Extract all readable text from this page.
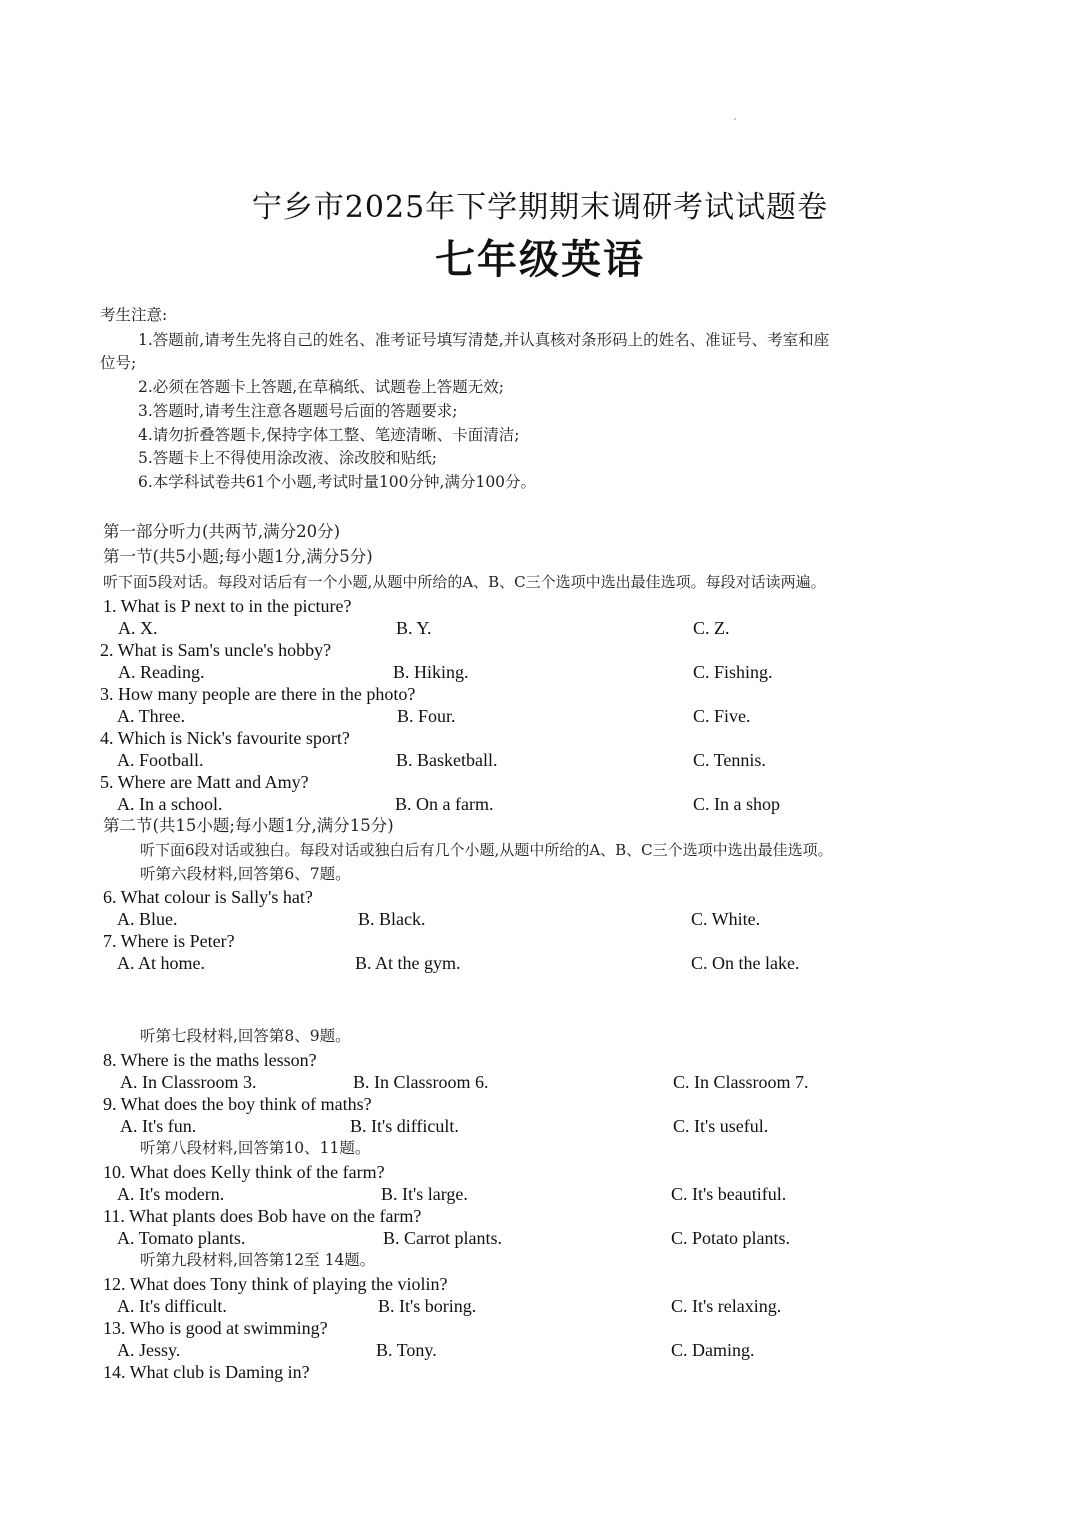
宁乡市2025年下学期期末调研考试试题卷
七年级英语
考生注意:
1.答题前,请考生先将自己的姓名、准考证号填写清楚,并认真核对条形码上的姓名、准证号、考室和座
位号;
2.必须在答题卡上答题,在草稿纸、试题卷上答题无效;
3.答题时,请考生注意各题题号后面的答题要求;
4.请勿折叠答题卡,保持字体工整、笔迹清晰、卡面清洁;
5.答题卡上不得使用涂改液、涂改胶和贴纸;
6.本学科试卷共61个小题,考试时量100分钟,满分100分。
第一部分听力(共两节,满分20分)
第一节(共5小题;每小题1分,满分5分)
听下面5段对话。每段对话后有一个小题,从题中所给的A、B、C三个选项中选出最佳选项。每段对话读两遍。
1. What is P next to in the picture?
A. X.	B. Y.	C. Z.
2. What is Sam's uncle's hobby?
A. Reading.	B. Hiking.	C. Fishing.
3. How many people are there in the photo?
A. Three.	B. Four.	C. Five.
4. Which is Nick's favourite sport?
A. Football.	B. Basketball.	C. Tennis.
5. Where are Matt and Amy?
A. In a school.	B. On a farm.	C. In a shop
第二节(共15小题;每小题1分,满分15分)
听下面6段对话或独白。每段对话或独白后有几个小题,从题中所给的A、B、C三个选项中选出最佳选项。
听第六段材料,回答第6、7题。
6. What colour is Sally's hat?
A. Blue.	B. Black.	C. White.
7. Where is Peter?
A. At home.	B. At the gym.	C. On the lake.
听第七段材料,回答第8、9题。
8. Where is the maths lesson?
A. In Classroom 3.	B. In Classroom 6.	C. In Classroom 7.
9. What does the boy think of maths?
A. It's fun.	B. It's difficult.	C. It's useful.
听第八段材料,回答第10、11题。
10. What does Kelly think of the farm?
A. It's modern.	B. It's large.	C. It's beautiful.
11. What plants does Bob have on the farm?
A. Tomato plants.	B. Carrot plants.	C. Potato plants.
听第九段材料,回答第12至 14题。
12. What does Tony think of playing the violin?
A. It's difficult.	B. It's boring.	C. It's relaxing.
13. Who is good at swimming?
A. Jessy.	B. Tony.	C. Daming.
14. What club is Daming in?
